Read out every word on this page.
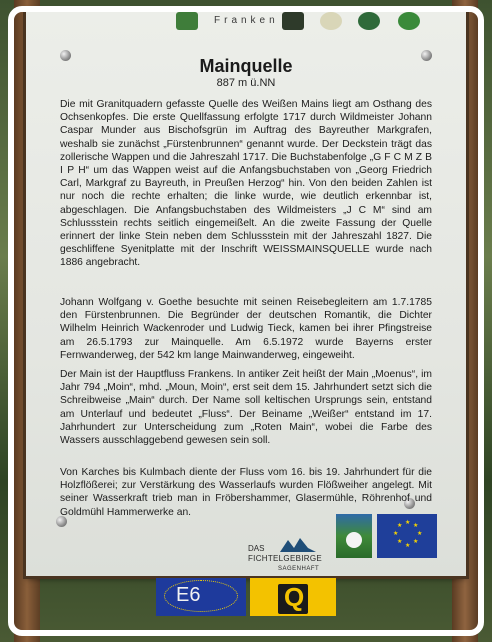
Franken
Mainquelle
887 m ü.NN

Die mit Granitquadern gefasste Quelle des Weißen Mains liegt am Osthang des Ochsenkopfes. Die erste Quellfassung erfolgte 1717 durch Wildmeister Johann Caspar Munder aus Bischofsgrün im Auftrag des Bayreuther Markgrafen, weshalb sie zunächst „Fürstenbrunnen“ genannt wurde. Der Deckstein trägt das zollerische Wappen und die Jahreszahl 1717. Die Buchstabenfolge „G F C M Z B I P H“ um das Wappen weist auf die Anfangsbuchstaben von „Georg Friedrich Carl, Markgraf zu Bayreuth, in Preußen Herzog“ hin. Von den beiden Zahlen ist nur noch die rechte erhalten; die linke wurde, wie deutlich erkennbar ist, abgeschlagen. Die Anfangsbuchstaben des Wildmeisters „J C M“ sind am Schlussstein rechts seitlich eingemeißelt. An die zweite Fassung der Quelle erinnert der linke Stein neben dem Schlussstein mit der Jahreszahl 1827. Die geschliffene Syenitplatte mit der Inschrift WEISSMAINSQUELLE wurde nach 1886 angebracht.

Johann Wolfgang v. Goethe besuchte mit seinen Reisebegleitern am 1.7.1785 den Fürstenbrunnen. Die Begründer der deutschen Romantik, die Dichter Wilhelm Heinrich Wackenroder und Ludwig Tieck, kamen bei ihrer Pfingstreise am 26.5.1793 zur Mainquelle. Am 6.5.1972 wurde Bayerns erster Fernwanderweg, der 542 km lange Mainwanderweg, eingeweiht.

Der Main ist der Hauptfluss Frankens. In antiker Zeit heißt der Main „Moenus“, im Jahr 794 „Moin“, mhd. „Moun, Moin“, erst seit dem 15. Jahrhundert setzt sich die Schreibweise „Main“ durch. Der Name soll keltischen Ursprungs sein, entstand am Unterlauf und bedeutet „Fluss“. Der Beiname „Weißer“ entstand im 17. Jahrhundert zur Unterscheidung zum „Roten Main“, wobei die Farbe des Wassers ausschlaggebend gewesen sein soll.

Von Karches bis Kulmbach diente der Fluss vom 16. bis 19. Jahrhundert für die Holzflößerei; zur Verstärkung des Wasserlaufs wurden Flößweiher angelegt. Mit seiner Wasserkraft trieb man in Fröbershammer, Glasermühle, Röhrenhof und Goldmühl Hammerwerke an.

DAS
FICHTELGEBIRGE
SAGENHAFT
★ ★
★
★
★
★
★
★
E6	Q
